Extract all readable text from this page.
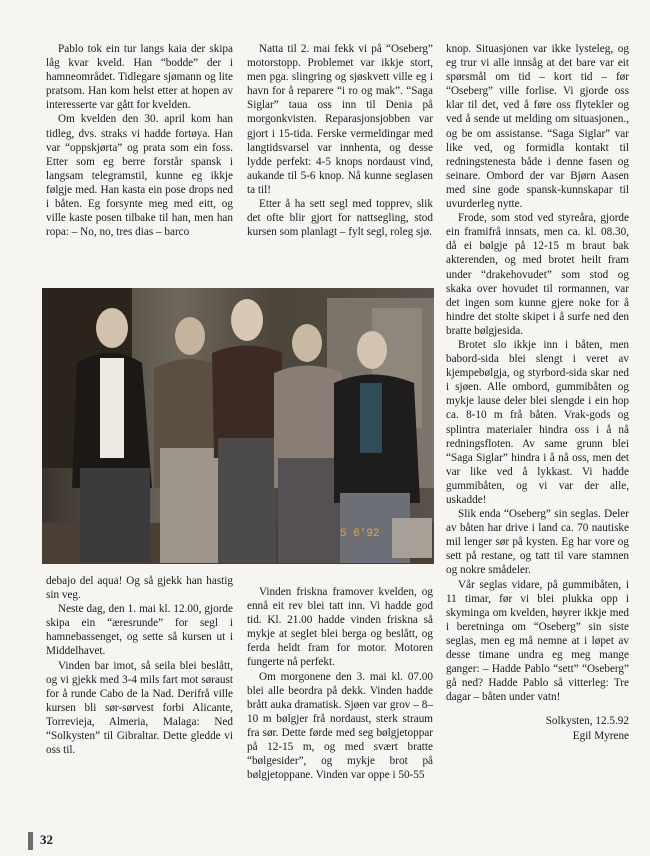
Pablo tok ein tur langs kaia der skipa låg kvar kveld. Han “bodde” der i hamneområdet. Tidlegare sjømann og lite pratsom. Han kom helst etter at hopen av interesserte var gått for kvelden.

Om kvelden den 30. april kom han tidleg, dvs. straks vi hadde fortøya. Han var “oppskjørta” og prata som ein foss. Etter som eg berre forstår spansk i langsam telegramstil, kunne eg ikkje følgje med. Han kasta ein pose drops ned i båten. Eg forsynte meg med eitt, og ville kaste posen tilbake til han, men han ropa: – No, no, tres dias – barco

Natta til 2. mai fekk vi på “Oseberg” motorstopp. Problemet var ikkje stort, men pga. slingring og sjøskvett ville eg i havn for å reparere “i ro og mak”. “Saga Siglar” tauа oss inn til Denia på morgonkvisten. Reparasjonsjobben var gjort i 15-tida. Ferske vermeldingar med langtidsvarsel var innhenta, og dessе lydde perfekt: 4-5 knops nordaust vind, aukande til 5-6 knop. Nå kunne seglasen ta til!

Etter å ha sett segl med topprev, slik det ofte blir gjort for nattsegling, stod kursen som planlagt – fylt segl, roleg sjø.

5 6'92

debajo del aqua! Og så gjekk han hastig sin veg.

Neste dag, den 1. mai kl. 12.00, gjorde skipa ein “æresrunde” for segl i hamnebassenget, og sette så kursen ut i Middelhavet.

Vinden bar imot, så seila blei beslått, og vi gjekk med 3-4 mils fart mot søraust for å runde Cabo de la Nad. Derifrå ville kursen bli sør-sørvest forbi Alicante, Torrevieja, Almeria, Malaga: Ned “Solkysten” til Gibraltar. Dette gledde vi oss til.

Vinden friskna framover kvelden, og ennå eit rev blei tatt inn. Vi hadde god tid. Kl. 21.00 hadde vinden friskna så mykje at seglet blei berga og beslått, og ferda heldt fram for motor. Motoren fungerte nå perfekt.

Om morgonene den 3. mai kl. 07.00 blei alle beordra på dekk. Vinden hadde brått auka dramatisk. Sjøen var grov – 8–10 m bølgjer frå nordaust, sterk straum fra sør. Dette førde med seg bølgjetoppar på 12-15 m, og med svært bratte “bølgesider”, og mykje brot på bølgjetoppane. Vinden var oppe i 50-55

knop. Situasjonen var ikke lysteleg, og eg trur vi alle innsåg at det bare var eit spørsmål om tid – kort tid – før “Oseberg” ville forlise. Vi gjorde oss klar til det, ved å førе oss flytekler og ved å sende ut melding om situasjonen., og be om assistanse. “Saga Siglar” var like ved, og formidla kontakt til redningstenesta både i denne fasen og seinare. Ombord der var Bjørn Aasen med sine gode spansk-kunnskapar til uvurderleg nytte.

Frode, som stod ved styreåra, gjorde ein framifrå innsats, men ca. kl. 08.30, då ei bølgje på 12-15 m braut bak akterenden, og med brotet heilt fram under “drakehovudet” som stod og skaka over hovudet til rormannen, var det ingen som kunne gjere noke for å hindre det stolte skipet i å surfe ned den bratte bølgjesida.

Brotet slo ikkje inn i båten, men babord-sida blei slengt i veret av kjempebølgja, og styrbord-sida skar ned i sjøen. Alle ombord, gummibåten og mykje lause deler blei slengde i ein hop ca. 8-10 m frå båten. Vrak-gods og splintra materialer hindra oss i å nå redningsfloten. Av same grunn blei “Saga Siglar” hindra i å nå oss, men det var like ved å lykkast. Vi hadde gummibåten, og vi var der alle, uskadde!

Slik enda “Oseberg” sin seglas. Deler av båten har drive i land ca. 70 nautiske mil lenger sør på kysten. Eg har vore og sett på restane, og tatt til vare stamnen og nokre smådeler.

Vår seglas vidare, på gummibåten, i 11 timar, før vi blei plukka opp i skyminga om kvelden, høyrer ikkje med i beretninga om “Oseberg” sin siste seglas, men eg må nemne at i løpet av desse timane undra eg meg mange ganger: – Hadde Pablo “sett” “Oseberg” gå ned? Hadde Pablo så vitterleg: Tre dagar – båten under vatn!

Solkysten, 12.5.92

Egil Myrene

32
